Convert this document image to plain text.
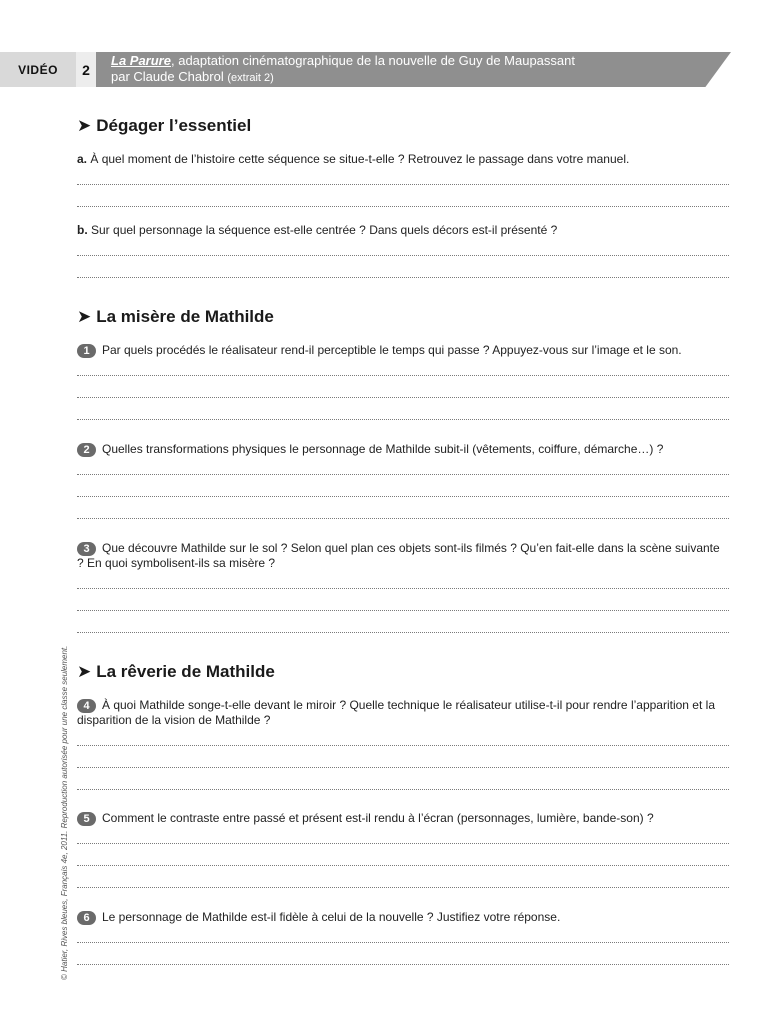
VIDÉO	2
La Parure, adaptation cinématographique de la nouvelle de Guy de Maupassant
par Claude Chabrol (extrait 2)
➤ Dégager l’essentiel
a. À quel moment de l’histoire cette séquence se situe-t-elle ? Retrouvez le passage dans votre manuel.
b. Sur quel personnage la séquence est-elle centrée ? Dans quels décors est-il présenté ?
➤ La misère de Mathilde
1 Par quels procédés le réalisateur rend-il perceptible le temps qui passe ? Appuyez-vous sur l’image et le son.
2 Quelles transformations physiques le personnage de Mathilde subit-il (vêtements, coiffure, démarche…) ?
3 Que découvre Mathilde sur le sol ? Selon quel plan ces objets sont-ils filmés ? Qu’en fait-elle dans la scène suivante ? En quoi symbolisent-ils sa misère ?
➤ La rêverie de Mathilde
4 À quoi Mathilde songe-t-elle devant le miroir ? Quelle technique le réalisateur utilise-t-il pour rendre l’apparition et la disparition de la vision de Mathilde ?
5 Comment le contraste entre passé et présent est-il rendu à l’écran (personnages, lumière, bande-son) ?
6 Le personnage de Mathilde est-il fidèle à celui de la nouvelle ? Justifiez votre réponse.
© Hatier, Rives bleues, Français 4e, 2011. Reproduction autorisée pour une classe seulement.
